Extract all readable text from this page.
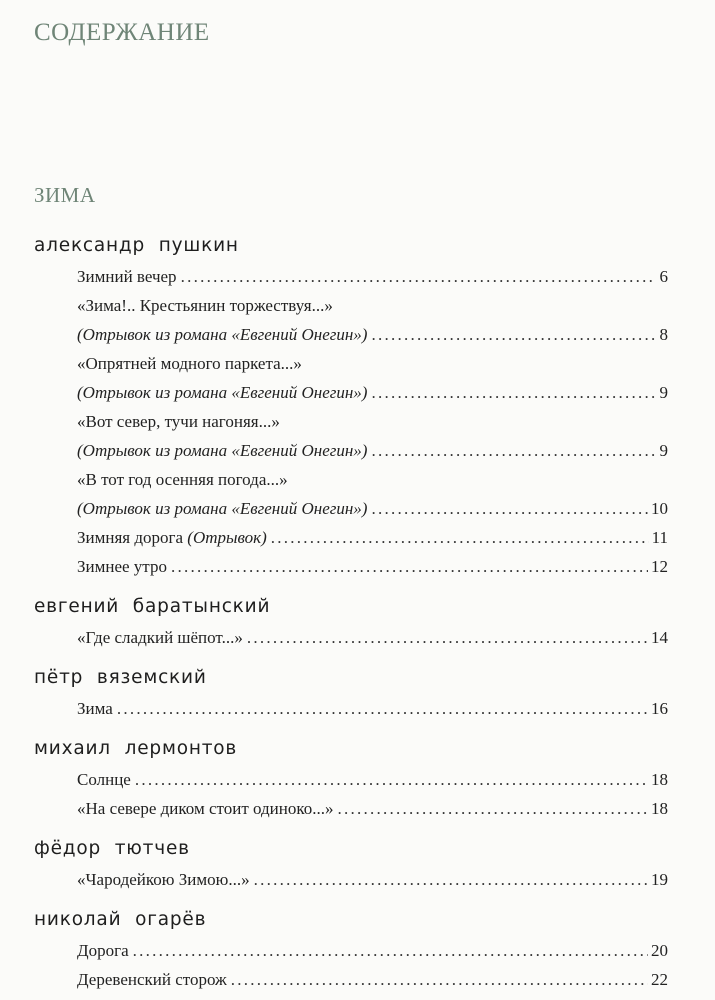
СОДЕРЖАНИЕ
ЗИМА
александр пушкин
Зимний вечер . . .	6
«Зима!.. Крестьянин торжествуя...»
(Отрывок из романа «Евгений Онегин») . . .	8
«Опрятней модного паркета...»
(Отрывок из романа «Евгений Онегин») . . .	9
«Вот север, тучи нагоняя...»
(Отрывок из романа «Евгений Онегин») . . .	9
«В тот год осенняя погода...»
(Отрывок из романа «Евгений Онегин») . . .	10
Зимняя дорога (Отрывок) . . .	11
Зимнее утро . . .	12
евгений баратынский
«Где сладкий шёпот...» . . .	14
пётр вяземский
Зима . . .	16
михаил лермонтов
Солнце . . .	18
«На севере диком стоит одиноко...» . . .	18
фёдор тютчев
«Чародейкою Зимою...» . . .	19
николай огарёв
Дорога . . .	20
Деревенский сторож . . .	22
